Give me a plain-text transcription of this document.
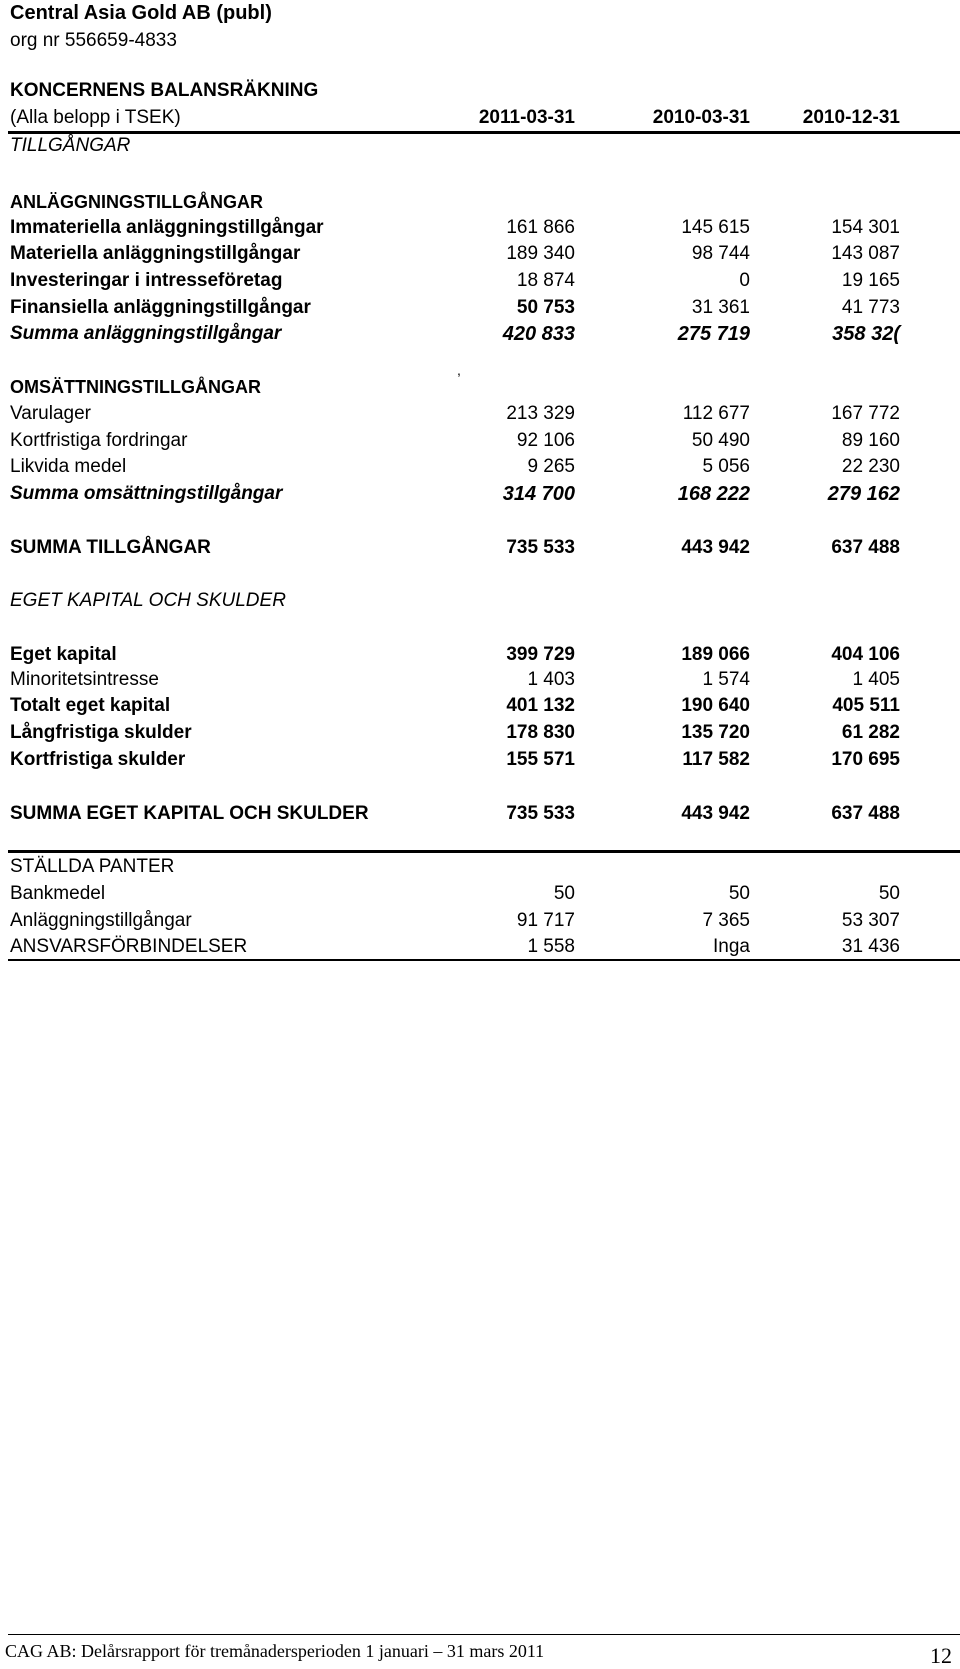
Central Asia Gold AB (publ)
org nr 556659-4833
KONCERNENS BALANSRÄKNING
(Alla belopp i TSEK)	2011-03-31	2010-03-31	2010-12-31
TILLGÅNGAR
ANLÄGGNINGSTILLGÅNGAR
Immateriella anläggningstillgångar	161 866	145 615	154 301
Materiella anläggningstillgångar	189 340	98 744	143 087
Investeringar i intresseföretag	18 874	0	19 165
Finansiella anläggningstillgångar	50 753	31 361	41 773
Summa anläggningstillgångar	420 833	275 719	358 32(
,
OMSÄTTNINGSTILLGÅNGAR
Varulager	213 329	112 677	167 772
Kortfristiga fordringar	92 106	50 490	89 160
Likvida medel	9 265	5 056	22 230
Summa omsättningstillgångar	314 700	168 222	279 162
SUMMA TILLGÅNGAR	735 533	443 942	637 488
EGET KAPITAL OCH SKULDER
Eget kapital	399 729	189 066	404 106
Minoritetsintresse	1 403	1 574	1 405
Totalt eget kapital	401 132	190 640	405 511
Långfristiga skulder	178 830	135 720	61 282
Kortfristiga skulder	155 571	117 582	170 695
SUMMA EGET KAPITAL OCH SKULDER	735 533	443 942	637 488
STÄLLDA PANTER
Bankmedel	50	50	50
Anläggningstillgångar	91 717	7 365	53 307
ANSVARSFÖRBINDELSER	1 558	Inga	31 436
CAG AB: Delårsrapport för tremånadersperioden 1 januari – 31 mars 2011	12
